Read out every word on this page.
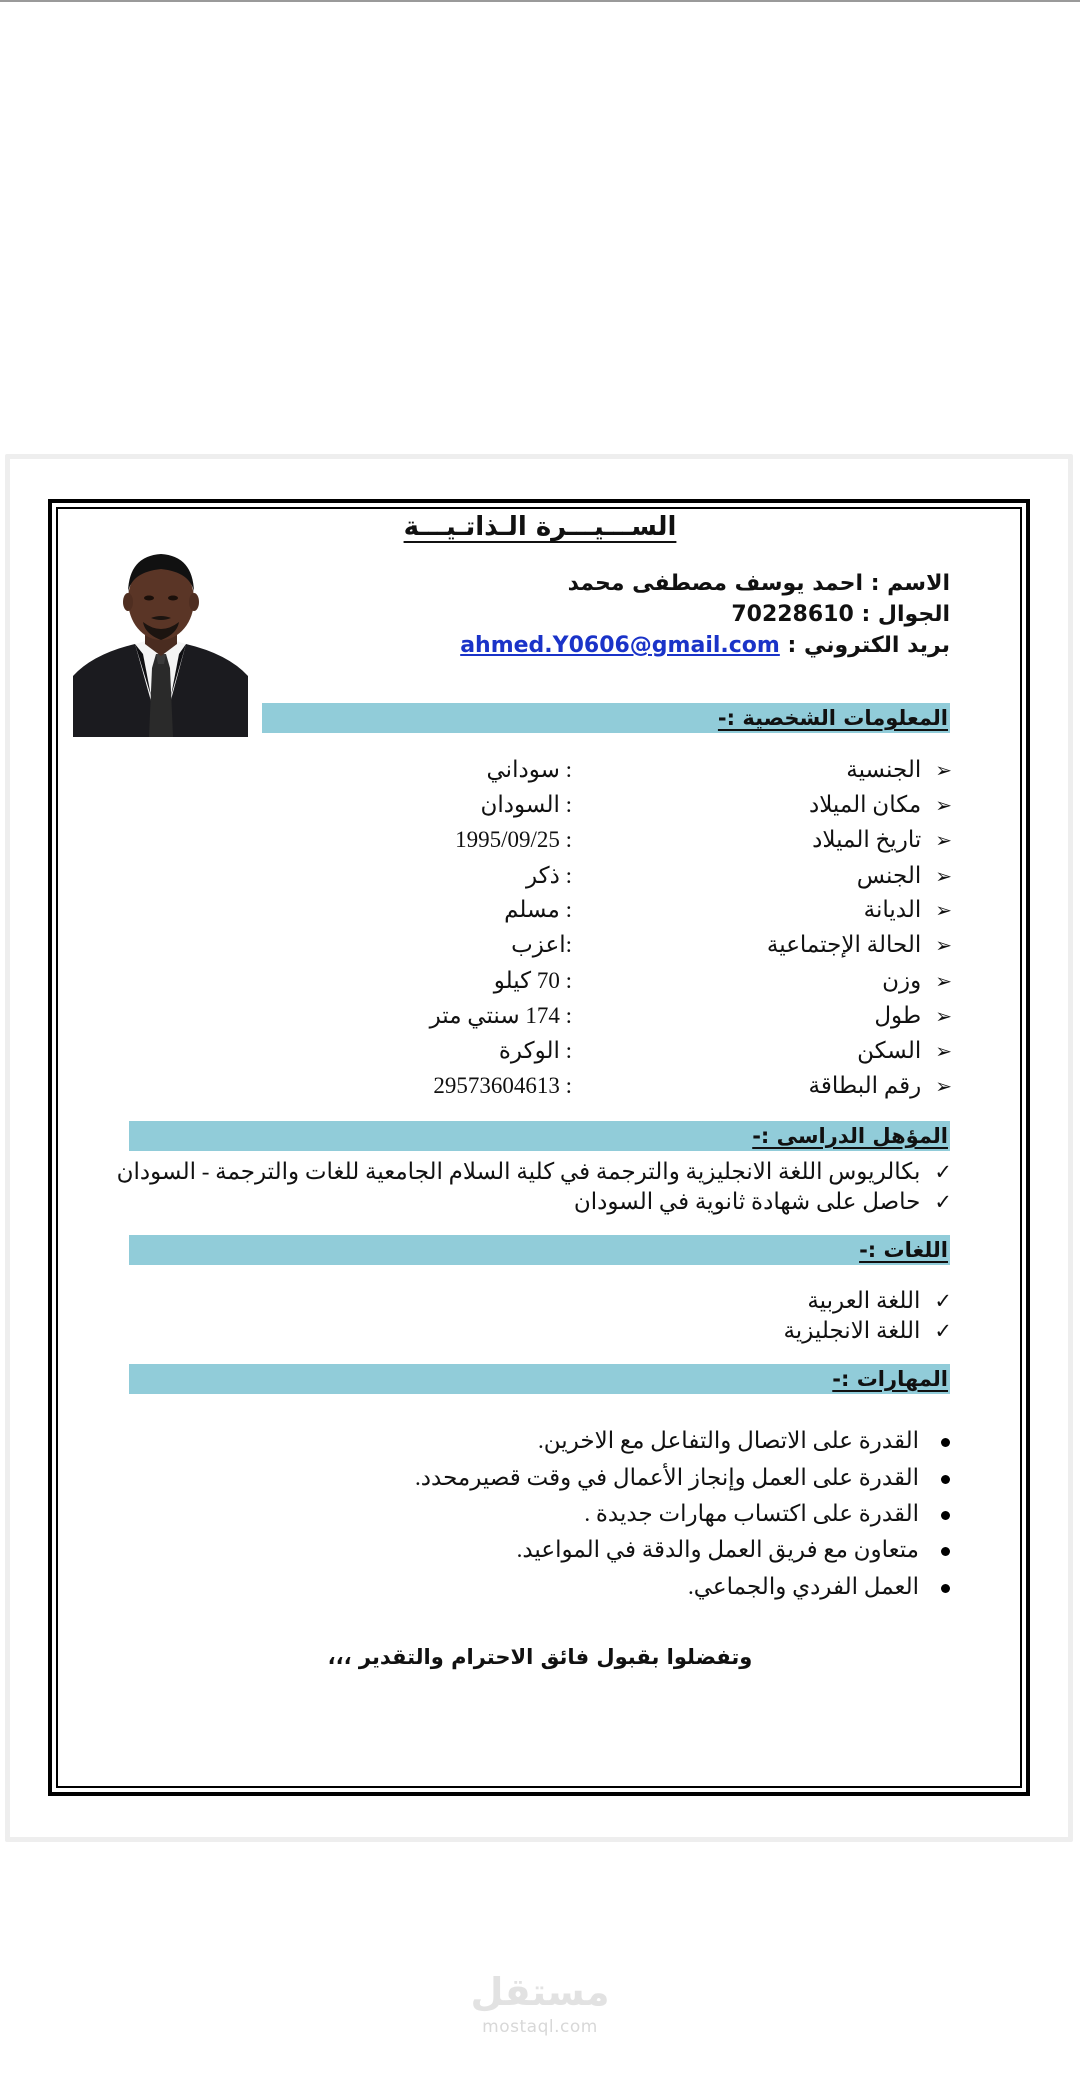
الســـيـــرة الـذاتـيـــة
الاسم : احمد يوسف مصطفى محمد
الجوال : 70228610
بريد الكتروني : ahmed.Y0606@gmail.com
المعلومات الشخصية :-
➢الجنسية
: سوداني
➢مكان الميلاد
: السودان
➢تاريخ الميلاد
: 1995/09/25
➢الجنس
: ذكر
➢الديانة
: مسلم
➢الحالة الإجتماعية
:اعزب
➢وزن
: 70 كيلو
➢طول
: 174 سنتي متر
➢السكن
: الوكرة
➢رقم البطاقة
: 29573604613
المؤهل الدراسى :-
✓بكالريوس اللغة الانجليزية والترجمة في كلية السلام الجامعية للغات والترجمة - السودان
✓حاصل على شهادة ثانوية في السودان
اللغات :-
✓اللغة العربية
✓اللغة الانجليزية
المهارات :-
القدرة على الاتصال والتفاعل مع الاخرين.
القدرة على العمل وإنجاز الأعمال في وقت قصيرمحدد.
القدرة على اكتساب مهارات جديدة .
متعاون مع فريق العمل والدقة في المواعيد.
العمل الفردي والجماعي.
وتفضلوا بقبول فائق الاحترام والتقدير ،،،
مستقل
mostaql.com
